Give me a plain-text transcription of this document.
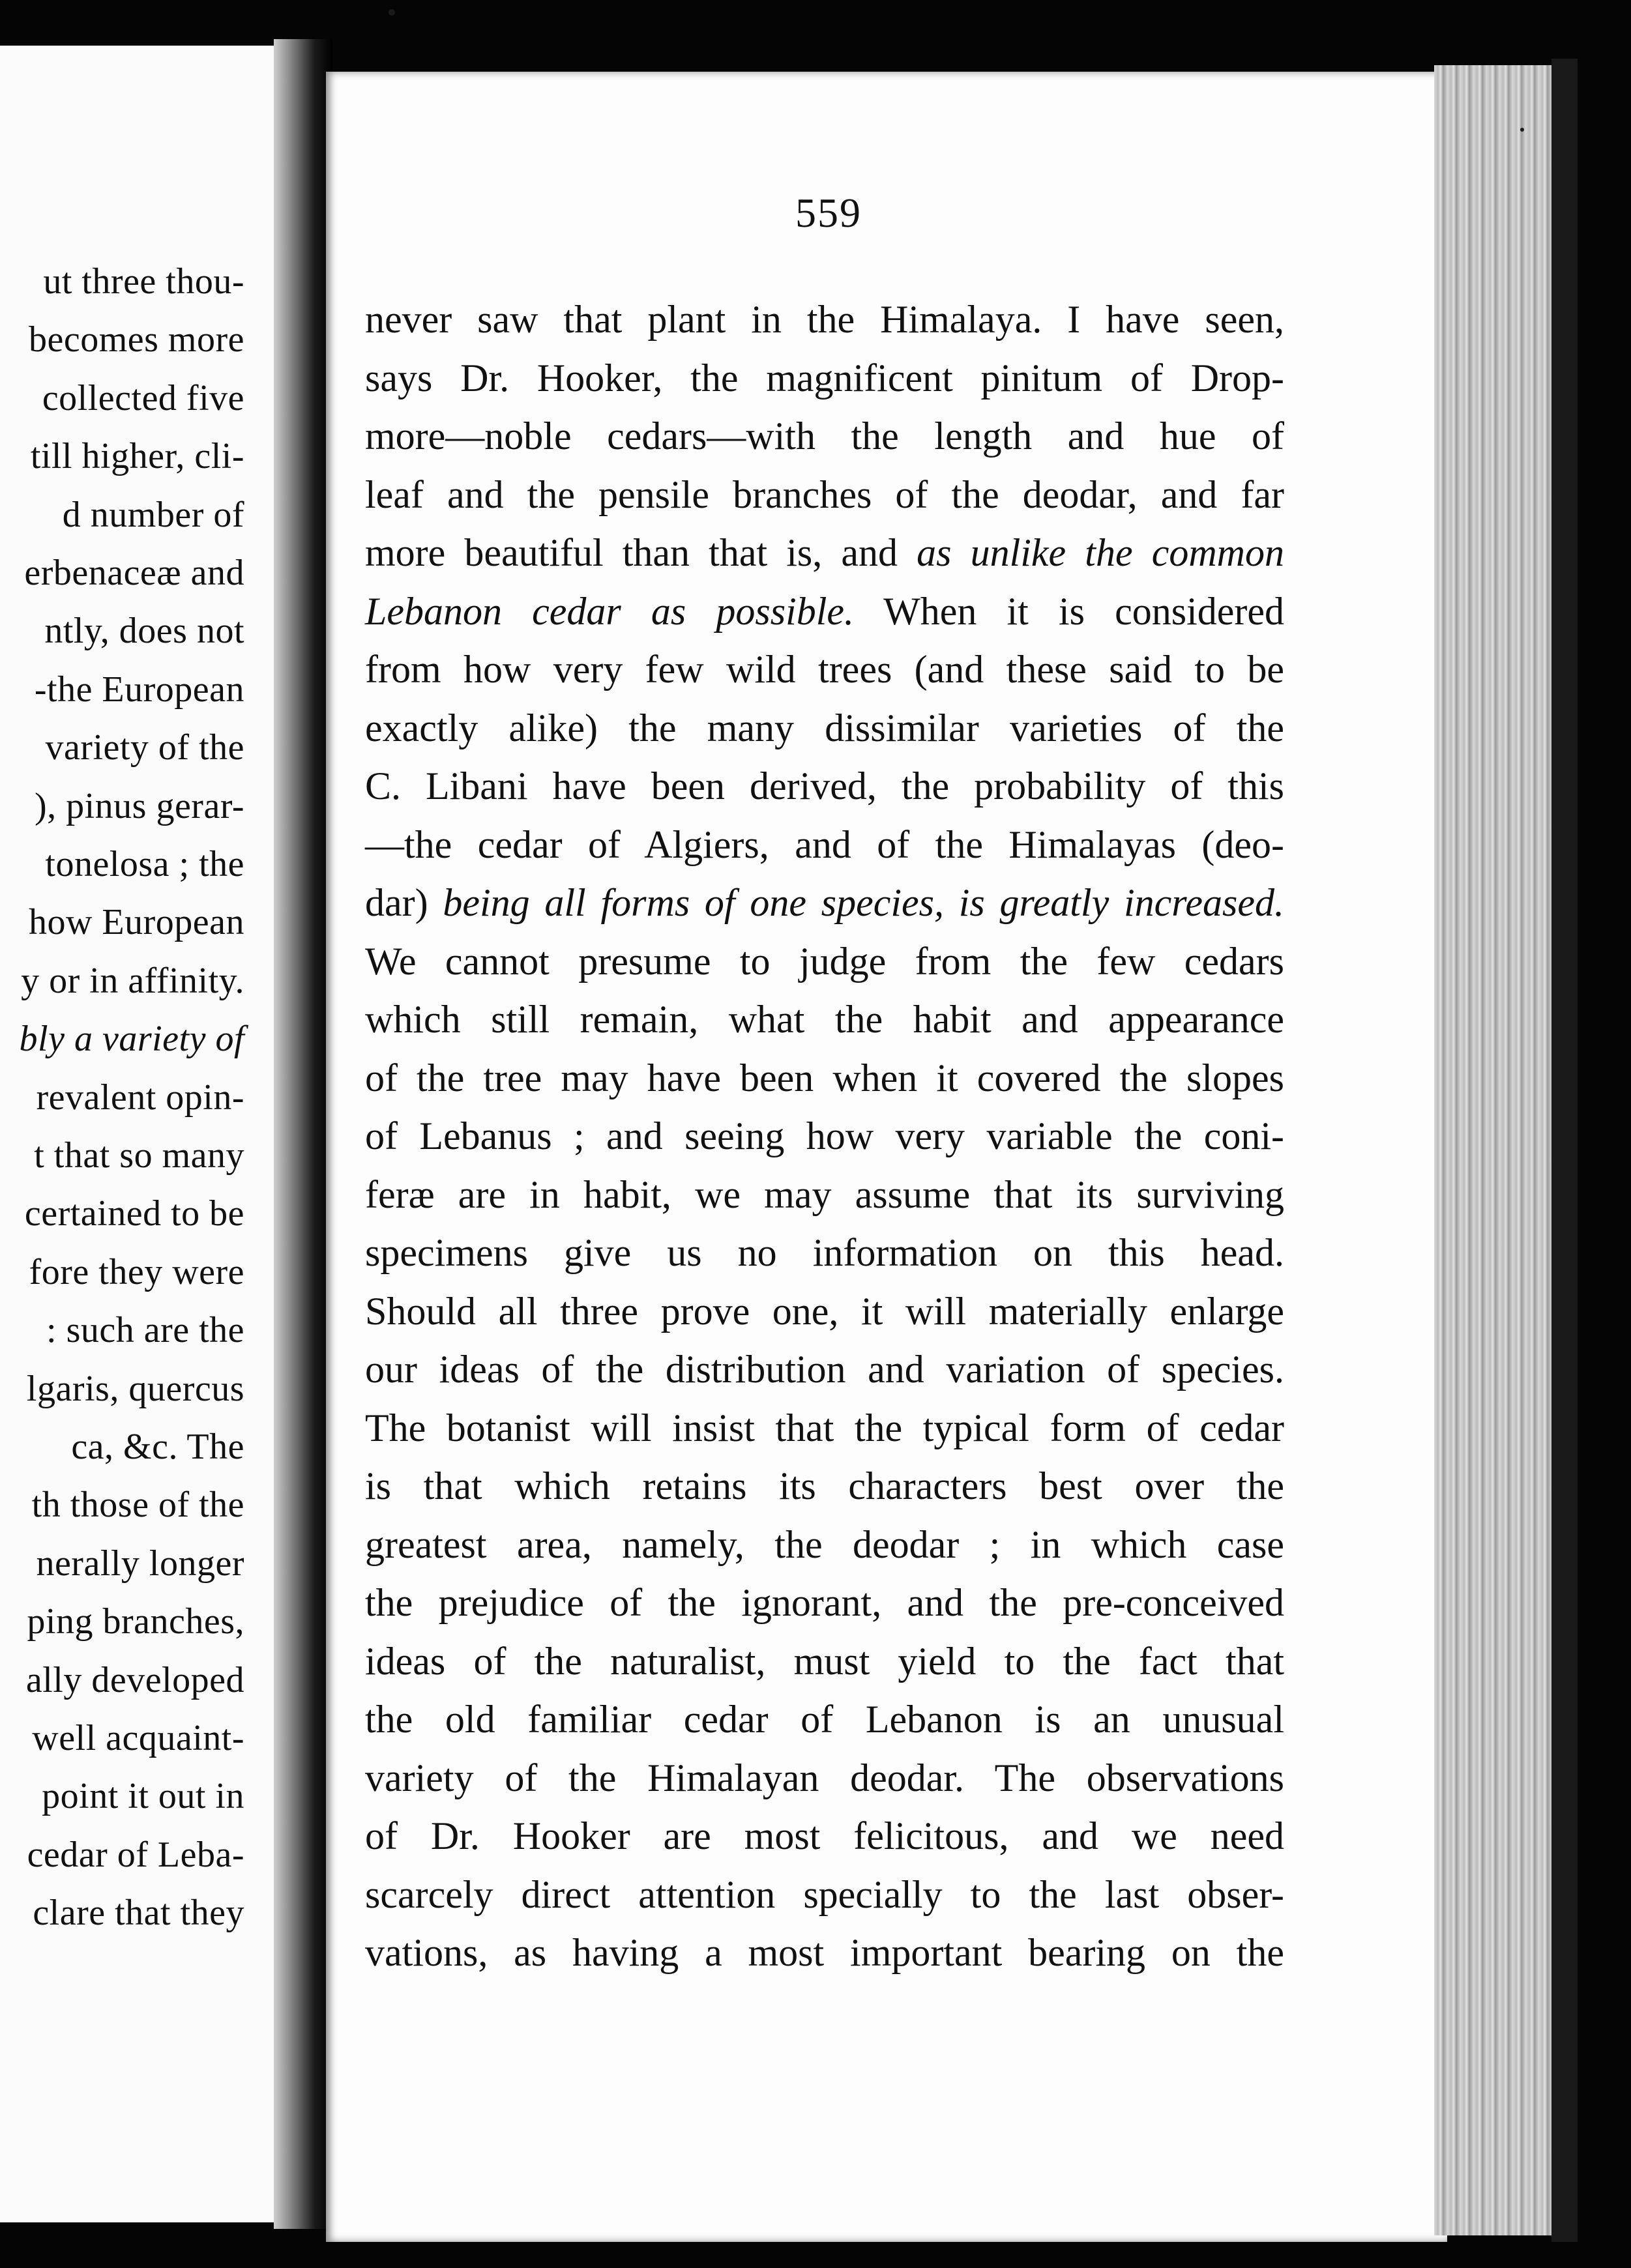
ut three thou-
becomes more
collected five
till higher, cli-
d number of
erbenaceæ and
ntly, does not
-the European
variety of the
), pinus gerar-
tonelosa ; the
how European
y or in affinity.
bly a variety of
revalent opin-
t that so many
certained to be
fore they were
: such are the
lgaris, quercus
ca, &c. The
th those of the
nerally longer
ping branches,
ally developed
well acquaint-
point it out in
cedar of Leba-
clare that they
559
never saw that plant in the Himalaya. I have seen,
says Dr. Hooker, the magnificent pinitum of Drop-
more—noble cedars—with the length and hue of
leaf and the pensile branches of the deodar, and far
more beautiful than that is, and as unlike the common
Lebanon cedar as possible. When it is considered
from how very few wild trees (and these said to be
exactly alike) the many dissimilar varieties of the
C. Libani have been derived, the probability of this
—the cedar of Algiers, and of the Himalayas (deo-
dar) being all forms of one species, is greatly increased.
We cannot presume to judge from the few cedars
which still remain, what the habit and appearance
of the tree may have been when it covered the slopes
of Lebanus ; and seeing how very variable the coni-
feræ are in habit, we may assume that its surviving
specimens give us no information on this head.
Should all three prove one, it will materially enlarge
our ideas of the distribution and variation of species.
The botanist will insist that the typical form of cedar
is that which retains its characters best over the
greatest area, namely, the deodar ; in which case
the prejudice of the ignorant, and the pre-conceived
ideas of the naturalist, must yield to the fact that
the old familiar cedar of Lebanon is an unusual
variety of the Himalayan deodar. The observations
of Dr. Hooker are most felicitous, and we need
scarcely direct attention specially to the last obser-
vations, as having a most important bearing on the
